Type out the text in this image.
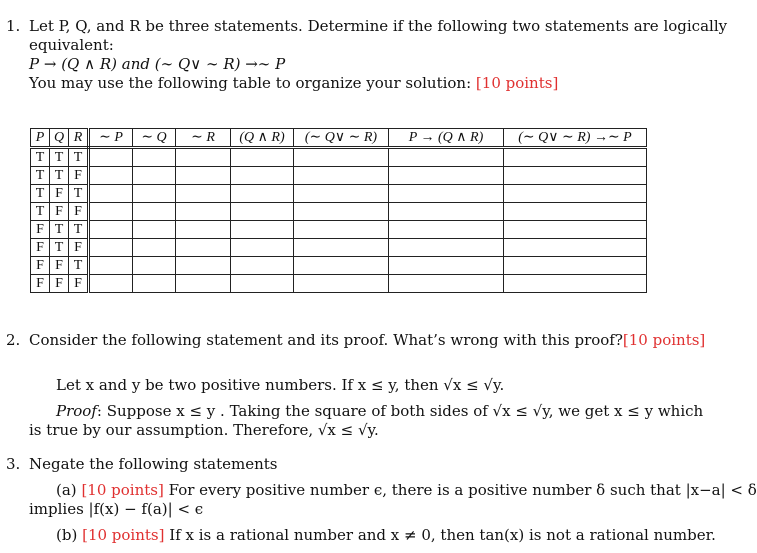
1. Let P, Q, and R be three statements. Determine if the following two statements are logically
equivalent:
P → (Q ∧ R) and (∼ Q∨ ∼ R) →∼ P
You may use the following table to organize your solution: [10 points]
P	Q	R	∼ P	∼ Q	∼ R	(Q ∧ R)	(∼ Q∨ ∼ R)	P → (Q ∧ R)	(∼ Q∨ ∼ R) →∼ P
T	T	T							
T	T	F							
T	F	T							
T	F	F							
F	T	T							
F	T	F							
F	F	T							
F	F	F							
2. Consider the following statement and its proof. What’s wrong with this proof?[10 points]
Let x and y be two positive numbers. If x ≤ y, then √x ≤ √y.
Proof: Suppose x ≤ y . Taking the square of both sides of √x ≤ √y, we get x ≤ y which
is true by our assumption. Therefore, √x ≤ √y.
3. Negate the following statements
(a) [10 points] For every positive number ϵ, there is a positive number δ such that |x−a| < δ
implies |f(x) − f(a)| < ϵ
(b) [10 points] If x is a rational number and x ≠ 0, then tan(x) is not a rational number.
